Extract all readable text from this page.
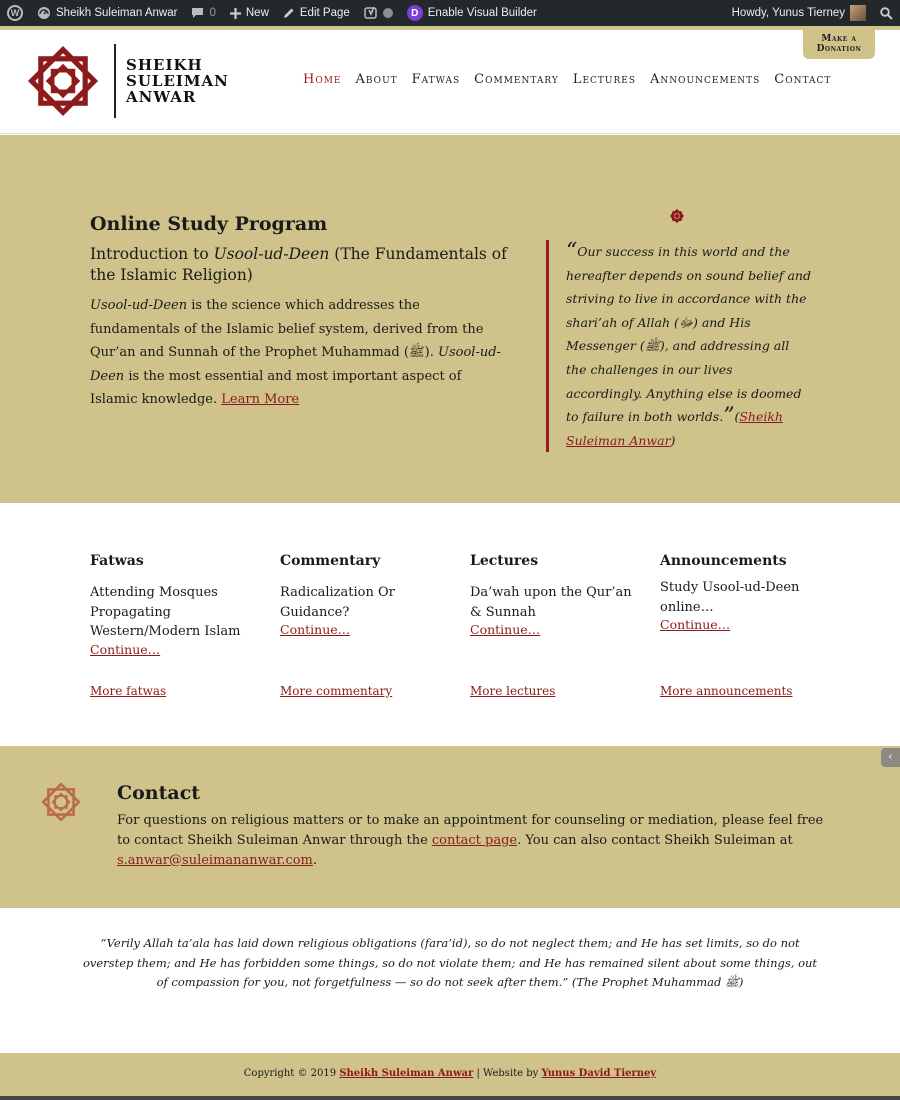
W	Sheikh Suleiman Anwar	0	New	Edit Page	D Enable Visual Builder	Howdy, Yunus Tierney
SHEIKH
SULEIMAN
ANWAR
Home About Fatwas Commentary Lectures Announcements Contact
Make a
Donation
Online Study Program
Introduction to Usool-ud-Deen (The Fundamentals of the Islamic Religion)

Usool-ud-Deen is the science which addresses the fundamentals of the Islamic belief system, derived from the Qur’an and Sunnah of the Prophet Muhammad (ﷺ). Usool-ud-Deen is the most essential and most important aspect of Islamic knowledge. Learn More

“Our success in this world and the hereafter depends on sound belief and striving to live in accordance with the shari’ah of Allah (ﷻ) and His Messenger (ﷺ), and addressing all the challenges in our lives accordingly. Anything else is doomed to failure in both worlds.”(Sheikh Suleiman Anwar)

Fatwas
Attending Mosques Propagating Western/Modern Islam
Continue…
More fatwas
Commentary
Radicalization Or Guidance?
Continue…
More commentary
Lectures
Da’wah upon the Qur’an & Sunnah
Continue…
More lectures
Announcements
Study Usool-ud-Deen online…
Continue…
More announcements
Contact

For questions on religious matters or to make an appointment for counseling or mediation, please feel free to contact Sheikh Suleiman Anwar through the contact page. You can also contact Sheikh Suleiman at s.anwar@suleimananwar.com.

‹

“Verily Allah ta’ala has laid down religious obligations (fara’id), so do not neglect them; and He has set limits, so do not overstep them; and He has forbidden some things, so do not violate them; and He has remained silent about some things, out of compassion for you, not forgetfulness — so do not seek after them.” (The Prophet Muhammad ﷺ)

Copyright © 2019 Sheikh Suleiman Anwar | Website by Yunus David Tierney
